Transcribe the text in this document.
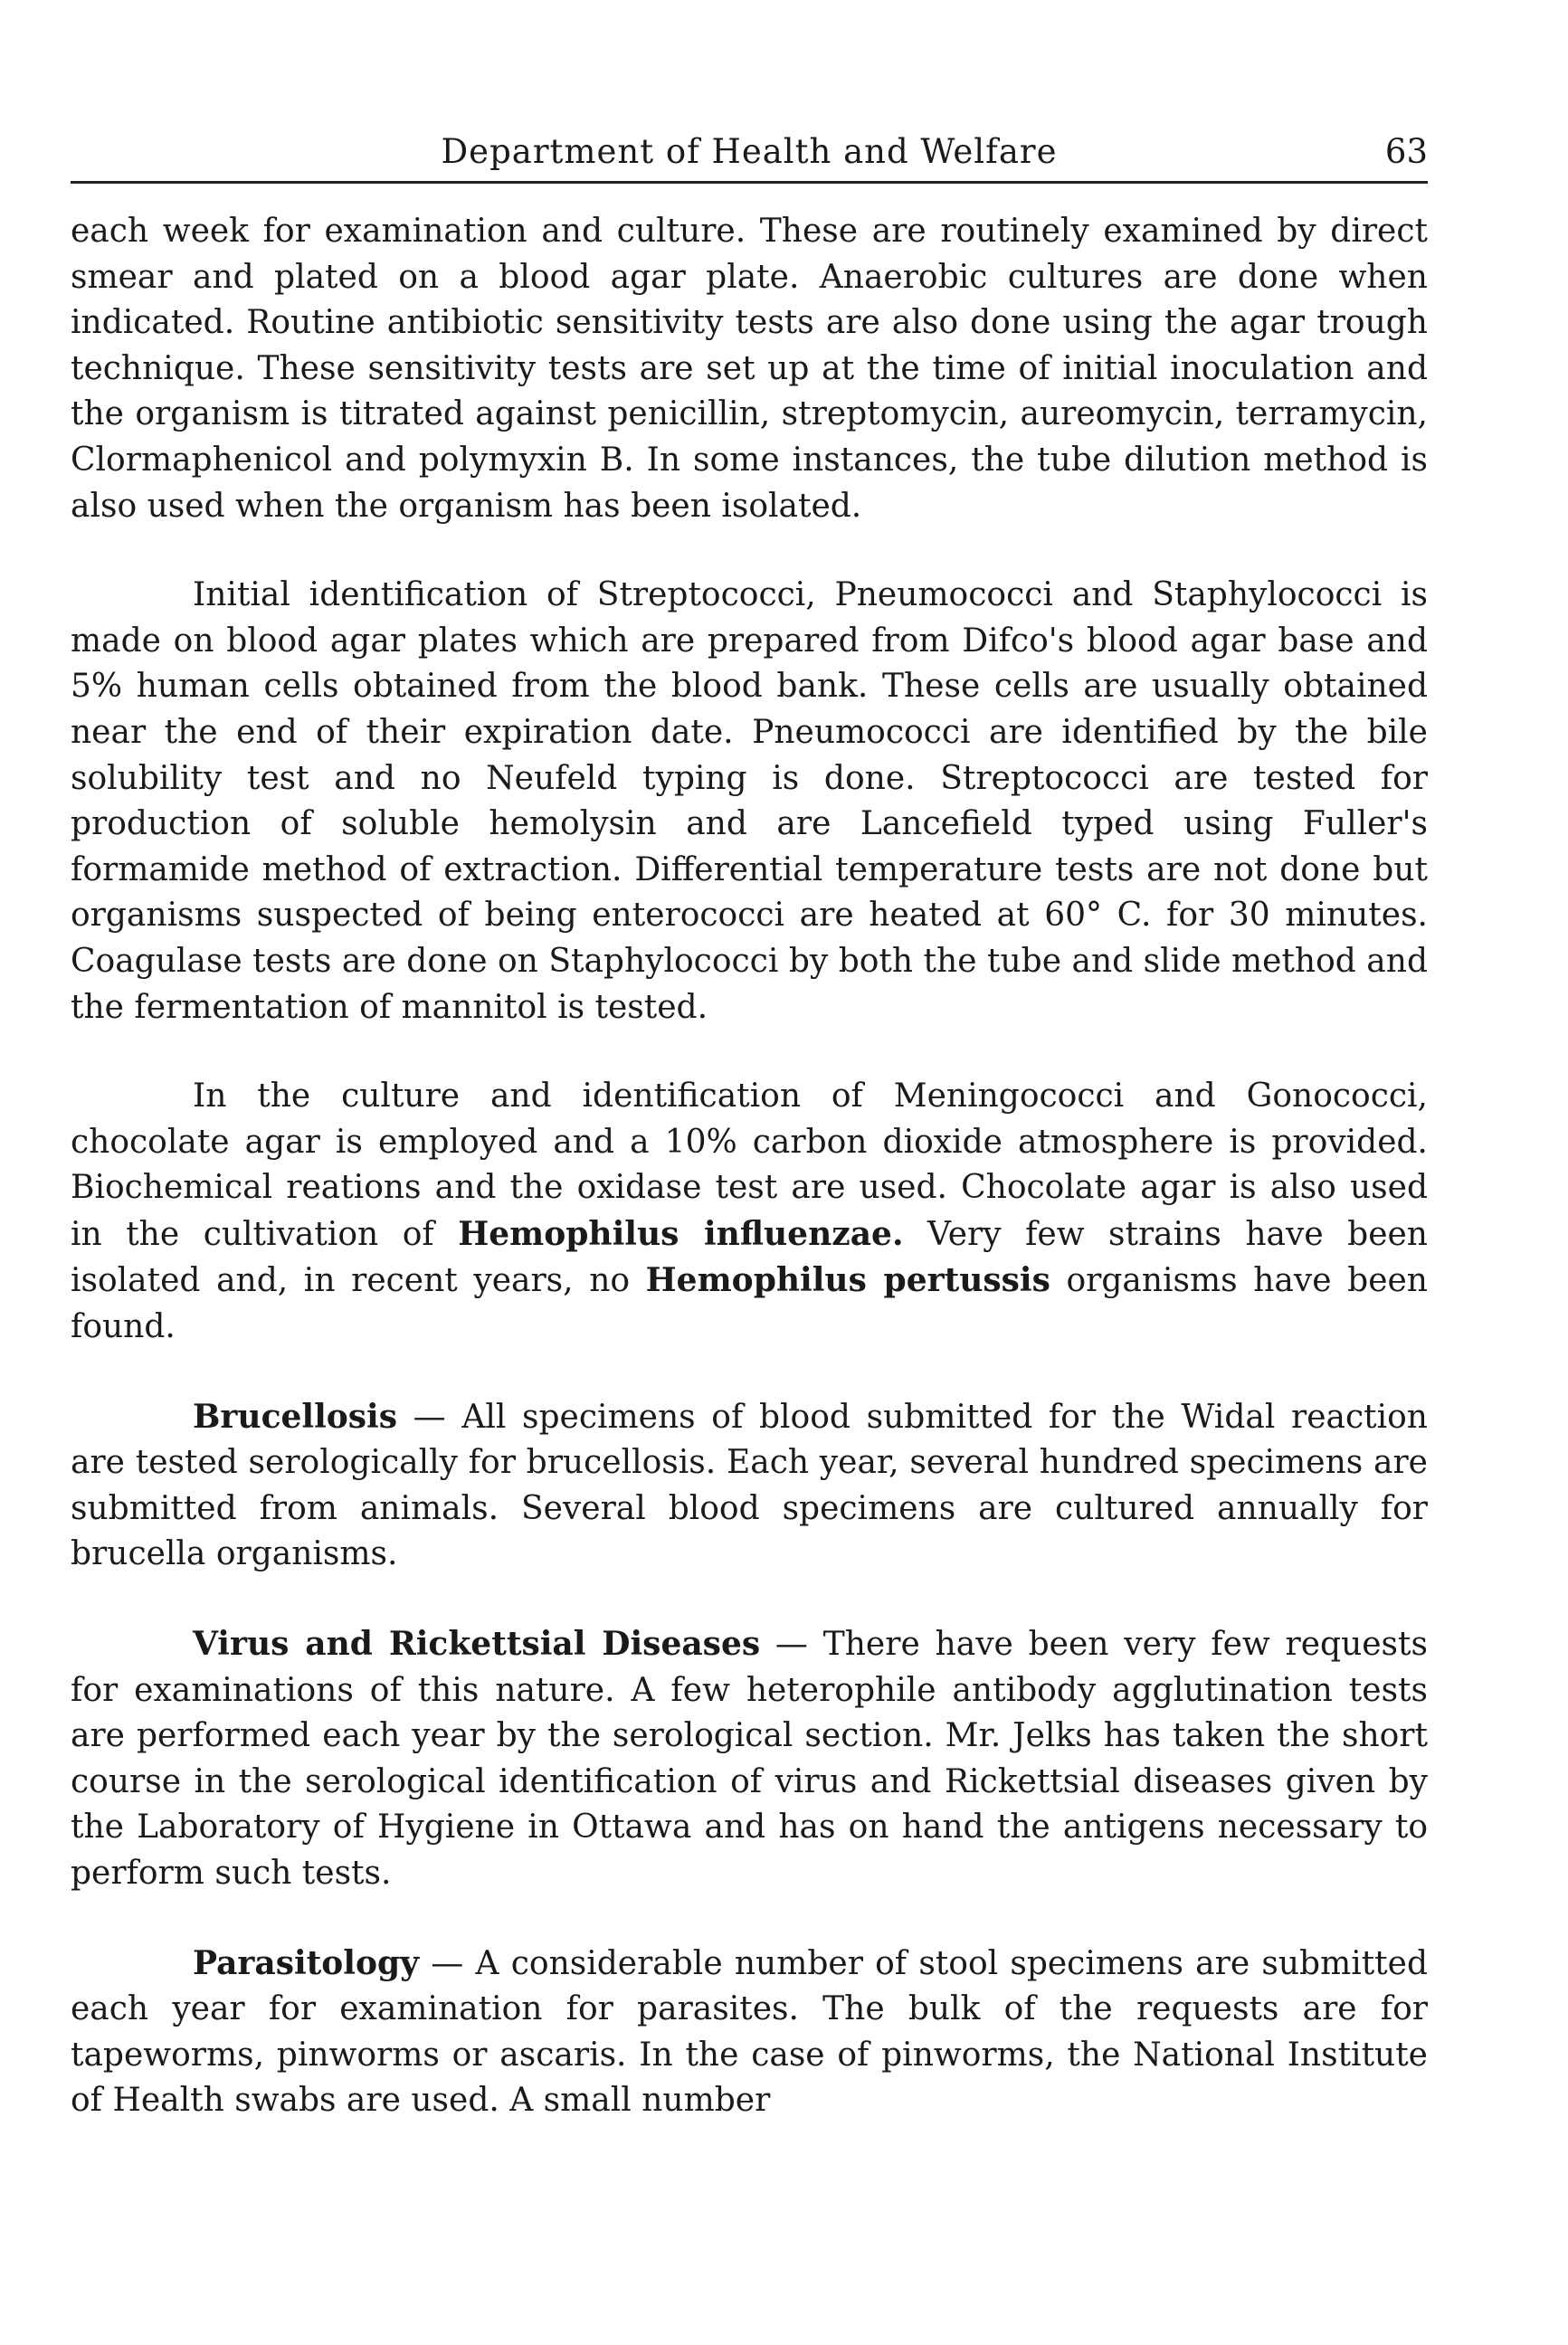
Department of Health and Welfare	63

each week for examination and culture. These are routinely examined by direct smear and plated on a blood agar plate. Anaerobic cultures are done when indicated. Routine antibiotic sensitivity tests are also done using the agar trough technique. These sensitivity tests are set up at the time of initial inoculation and the organism is titrated against penicillin, streptomycin, aureomycin, terramycin, Clormaphenicol and polymyxin B. In some instances, the tube dilution method is also used when the organism has been isolated.

Initial identification of Streptococci, Pneumococci and Staphylococci is made on blood agar plates which are prepared from Difco's blood agar base and 5% human cells obtained from the blood bank. These cells are usually obtained near the end of their expiration date. Pneumococci are identified by the bile solubility test and no Neufeld typing is done. Streptococci are tested for production of soluble hemolysin and are Lancefield typed using Fuller's formamide method of extraction. Differential temperature tests are not done but organisms suspected of being enterococci are heated at 60° C. for 30 minutes. Coagulase tests are done on Staphylococci by both the tube and slide method and the fermentation of mannitol is tested.

In the culture and identification of Meningococci and Gonococci, chocolate agar is employed and a 10% carbon dioxide atmosphere is provided. Biochemical reations and the oxidase test are used. Chocolate agar is also used in the cultivation of Hemophilus influenzae. Very few strains have been isolated and, in recent years, no Hemophilus pertussis organisms have been found.

Brucellosis — All specimens of blood submitted for the Widal reaction are tested serologically for brucellosis. Each year, several hundred specimens are submitted from animals. Several blood specimens are cultured annually for brucella organisms.

Virus and Rickettsial Diseases — There have been very few requests for examinations of this nature. A few heterophile antibody agglutination tests are performed each year by the serological section. Mr. Jelks has taken the short course in the serological identification of virus and Rickettsial diseases given by the Laboratory of Hygiene in Ottawa and has on hand the antigens necessary to perform such tests.

Parasitology — A considerable number of stool specimens are submitted each year for examination for parasites. The bulk of the requests are for tapeworms, pinworms or ascaris. In the case of pinworms, the National Institute of Health swabs are used. A small number
